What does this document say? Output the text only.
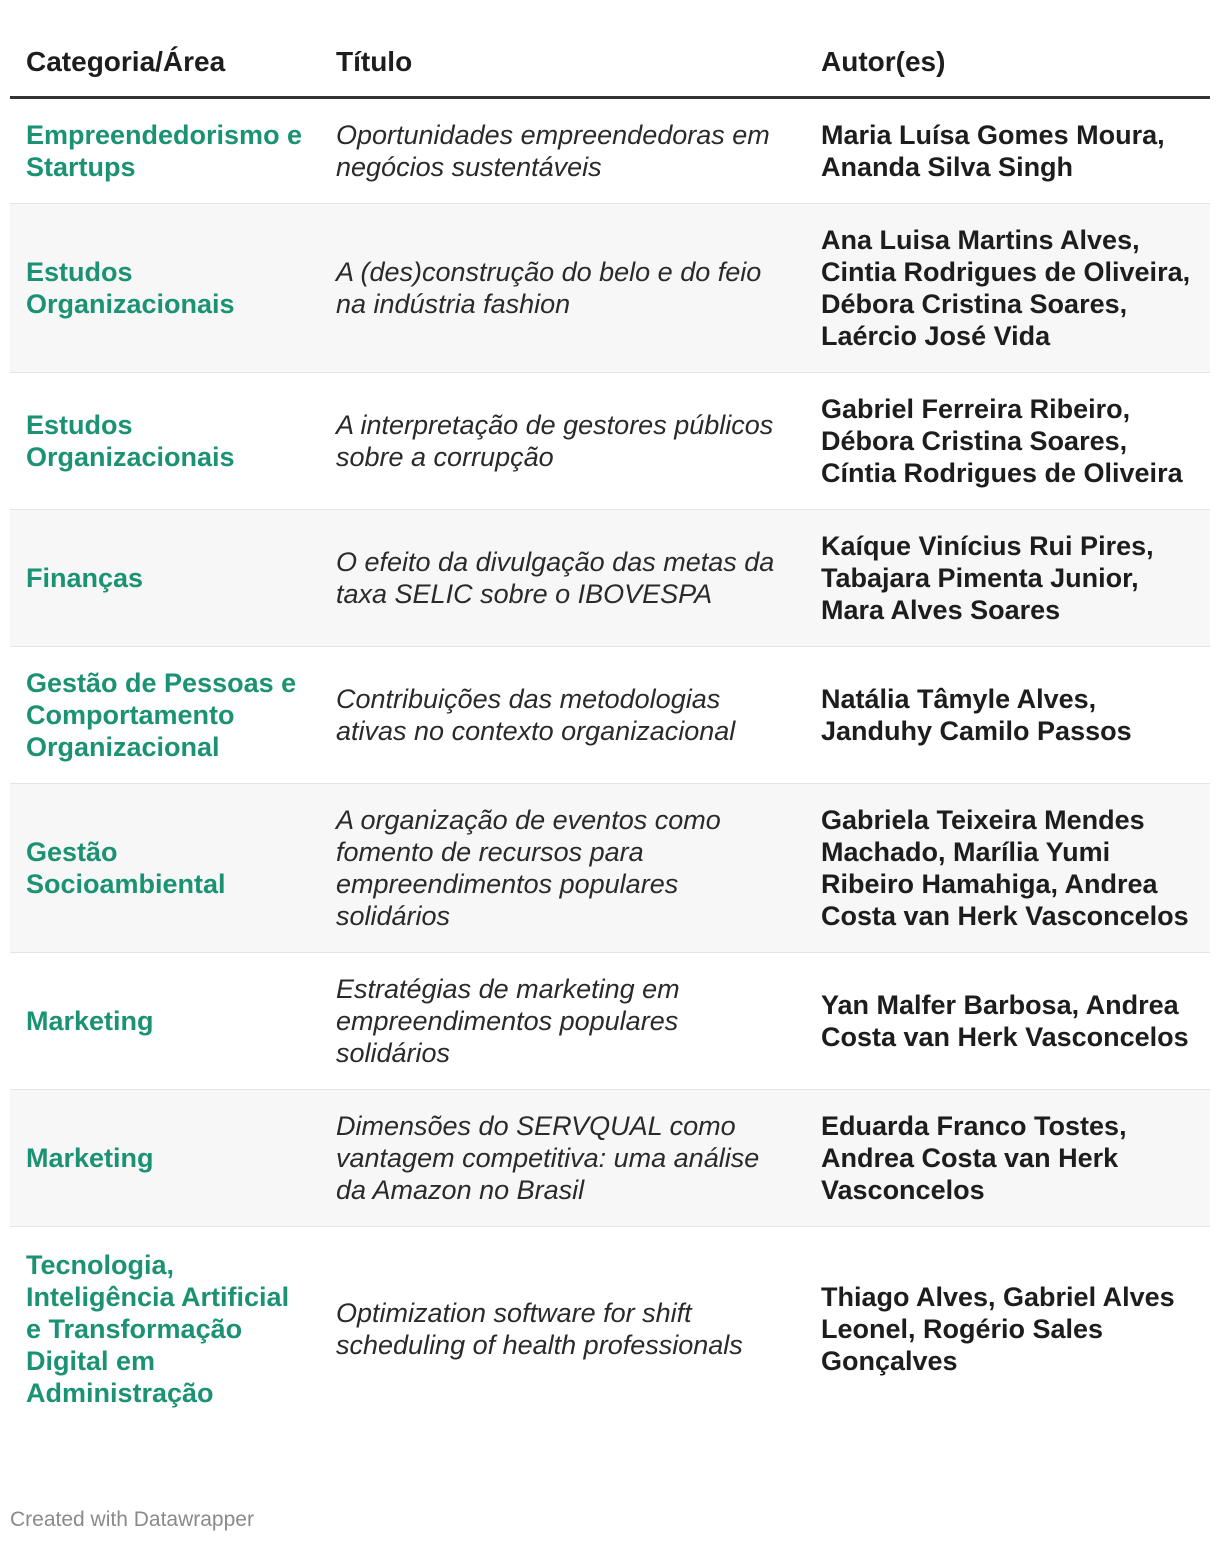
Categoria/Área	Título	Autor(es)
Empreendedorismo e Startups	Oportunidades empreendedoras em negócios sustentáveis	Maria Luísa Gomes Moura, Ananda Silva Singh
Estudos Organizacionais	A (des)construção do belo e do feio na indústria fashion	Ana Luisa Martins Alves, Cintia Rodrigues de Oliveira, Débora Cristina Soares, Laércio José Vida
Estudos Organizacionais	A interpretação de gestores públicos sobre a corrupção	Gabriel Ferreira Ribeiro, Débora Cristina Soares, Cíntia Rodrigues de Oliveira
Finanças	O efeito da divulgação das metas da taxa SELIC sobre o IBOVESPA	Kaíque Vinícius Rui Pires, Tabajara Pimenta Junior, Mara Alves Soares
Gestão de Pessoas e Comportamento Organizacional	Contribuições das metodologias ativas no contexto organizacional	Natália Tâmyle Alves, Janduhy Camilo Passos
Gestão Socioambiental	A organização de eventos como fomento de recursos para empreendimentos populares solidários	Gabriela Teixeira Mendes Machado, Marília Yumi Ribeiro Hamahiga, Andrea Costa van Herk Vasconcelos
Marketing	Estratégias de marketing em empreendimentos populares solidários	Yan Malfer Barbosa, Andrea Costa van Herk Vasconcelos
Marketing	Dimensões do SERVQUAL como vantagem competitiva: uma análise da Amazon no Brasil	Eduarda Franco Tostes, Andrea Costa van Herk Vasconcelos
Tecnologia, Inteligência Artificial e Transformação Digital em Administração	Optimization software for shift scheduling of health professionals	Thiago Alves, Gabriel Alves Leonel, Rogério Sales Gonçalves
Created with Datawrapper
